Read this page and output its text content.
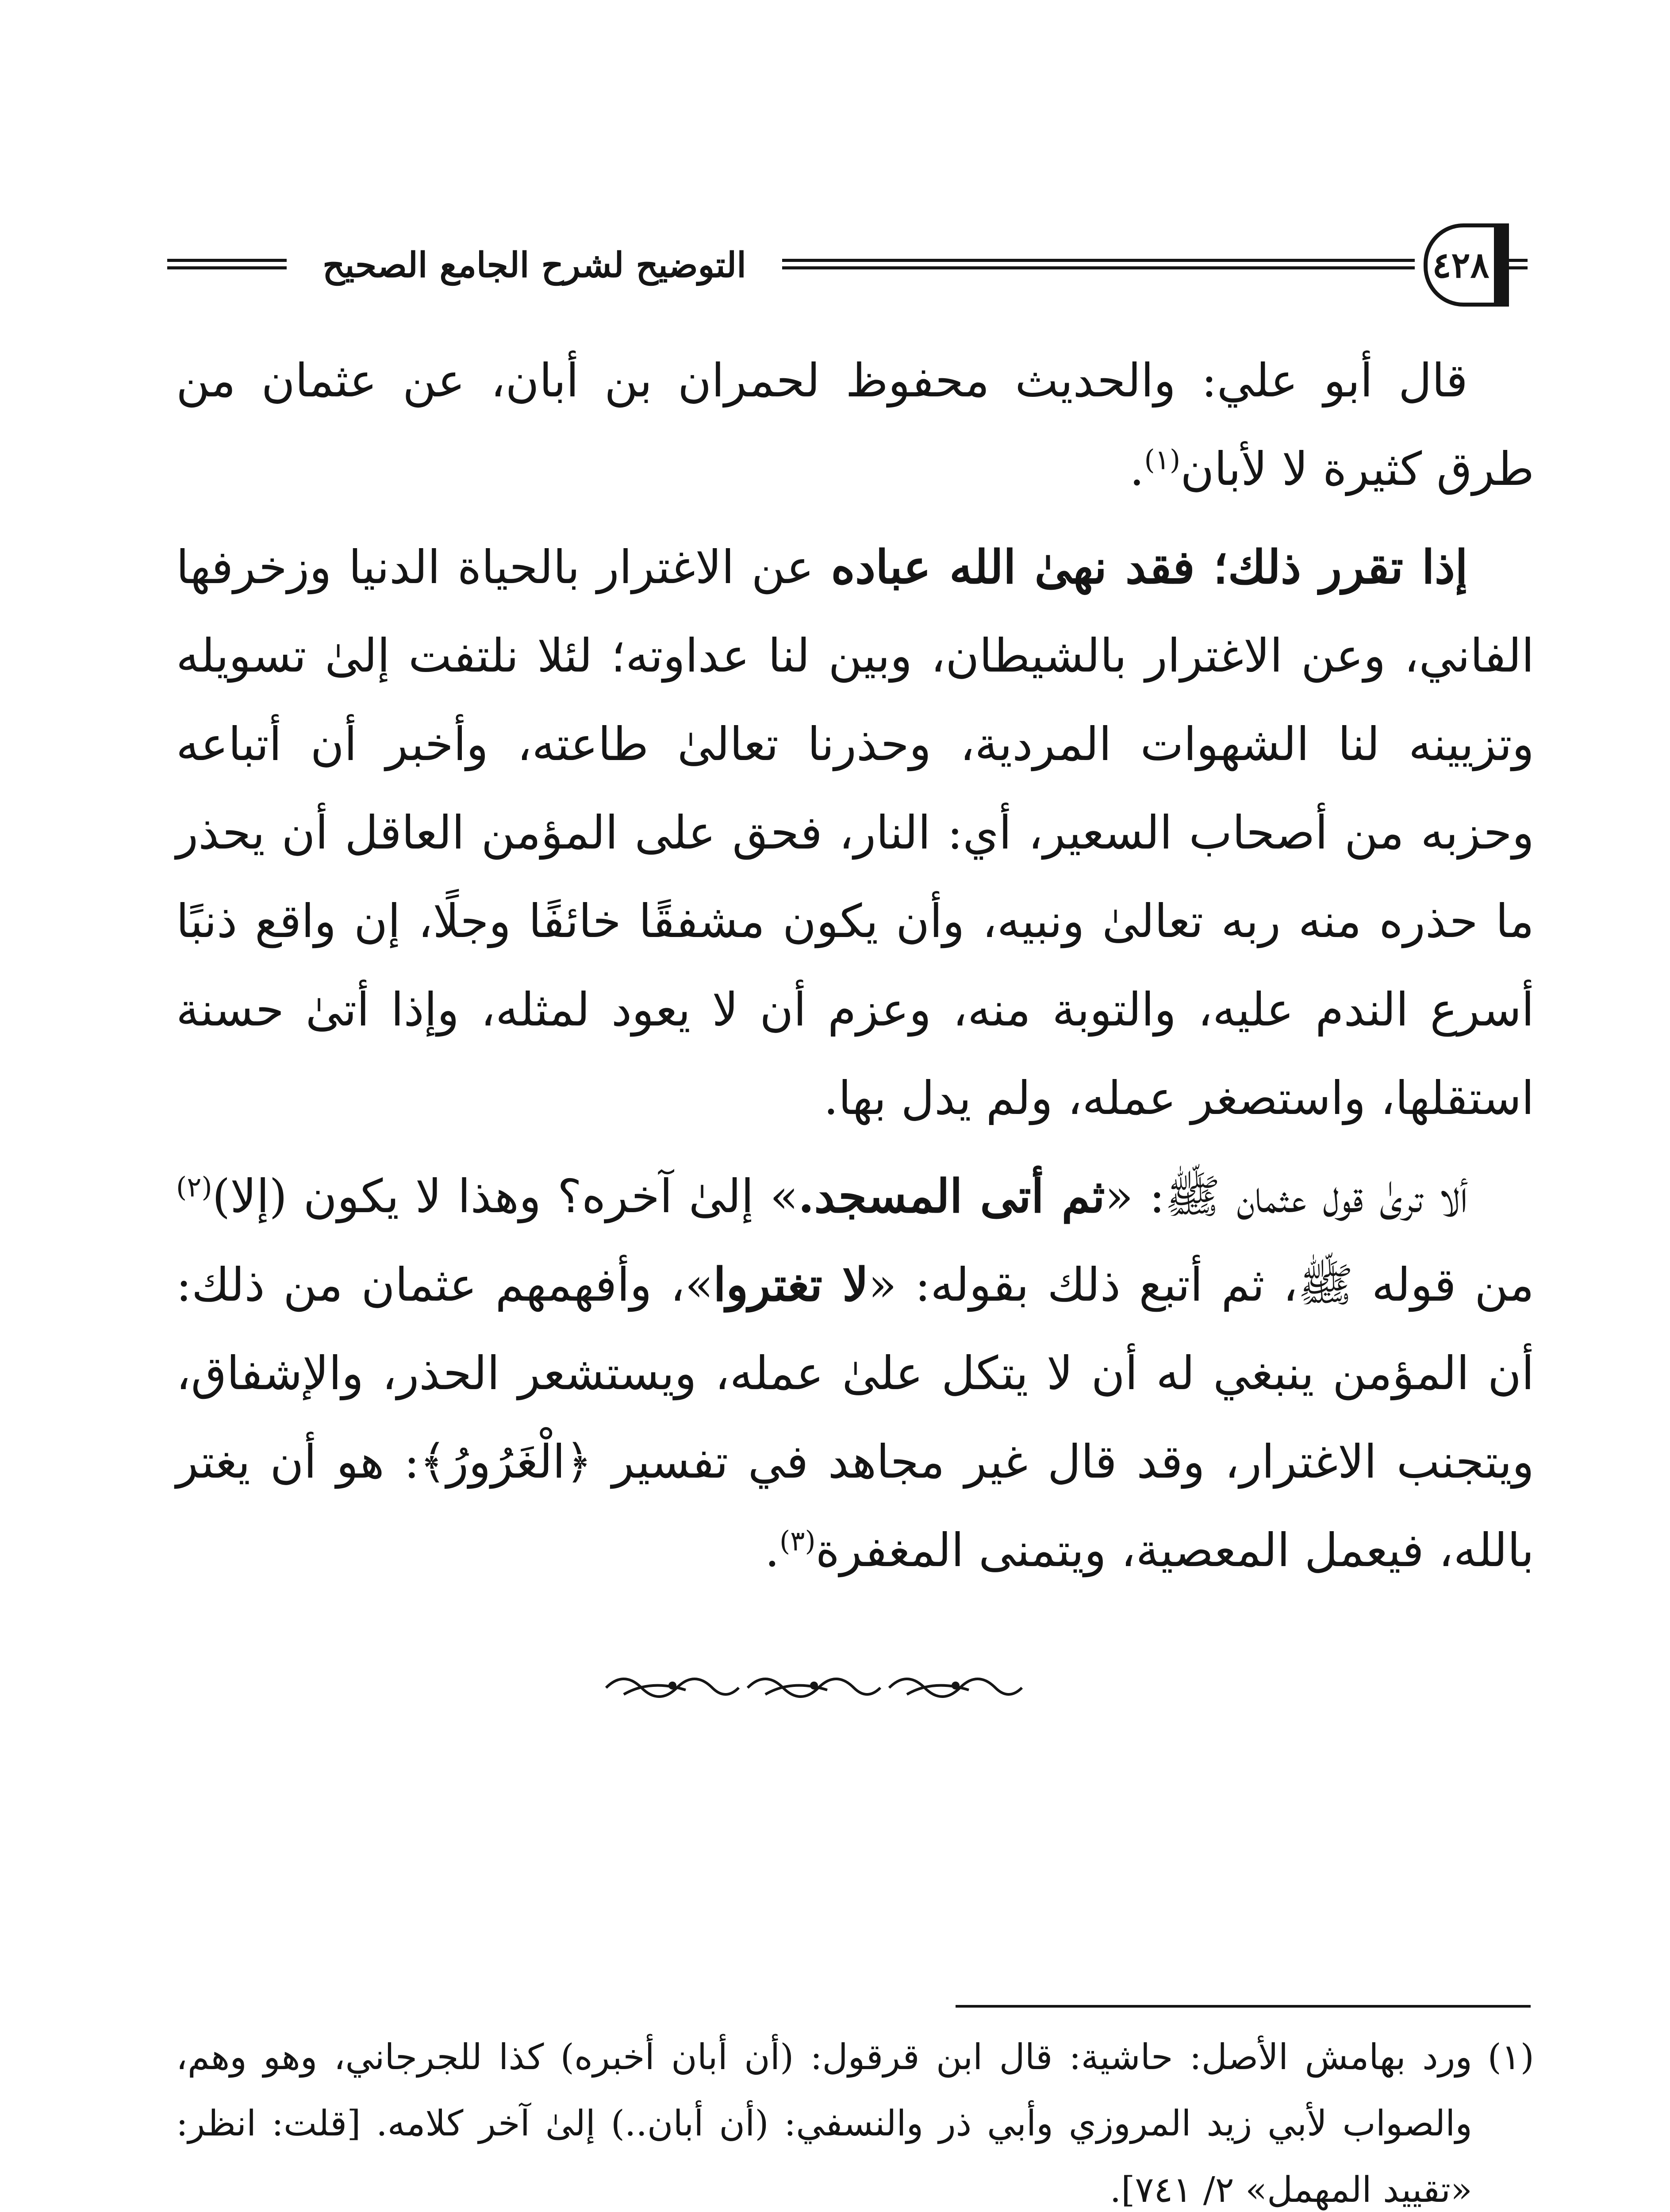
التوضيح لشرح الجامع الصحيح	٤٢٨

قال أبو علي: والحديث محفوظ لحمران بن أبان، عن عثمان من طرق كثيرة لا لأبان$^{(١)}$.

إذا تقرر ذلك؛ فقد نهىٰ الله عباده عن الاغترار بالحياة الدنيا وزخرفها الفاني، وعن الاغترار بالشيطان، وبين لنا عداوته؛ لئلا نلتفت إلىٰ تسويله وتزيينه لنا الشهوات المردية، وحذرنا تعالىٰ طاعته، وأخبر أن أتباعه وحزبه من أصحاب السعير، أي: النار، فحق على المؤمن العاقل أن يحذر ما حذره منه ربه تعالىٰ ونبيه، وأن يكون مشفقًا خائفًا وجلًا، إن واقع ذنبًا أسرع الندم عليه، والتوبة منه، وعزم أن لا يعود لمثله، وإذا أتىٰ حسنة استقلها، واستصغر عمله، ولم يدل بها.

ألا ترىٰ قول عثمان ﷺ: «ثم أتى المسجد.» إلىٰ آخره؟ وهذا لا يكون (إلا)$^{(٢)}$ من قوله ﷺ، ثم أتبع ذلك بقوله: «لا تغتروا»، وأفهمهم عثمان من ذلك: أن المؤمن ينبغي له أن لا يتكل علىٰ عمله، ويستشعر الحذر، والإشفاق، ويتجنب الاغترار، وقد قال غير مجاهد في تفسير ﴿الْغَرُورُ﴾: هو أن يغتر بالله، فيعمل المعصية، ويتمنى المغفرة$^{(٣)}$.

(١)
ورد بهامش الأصل: حاشية: قال ابن قرقول: (أن أبان أخبره) كذا للجرجاني، وهو وهم، والصواب لأبي زيد المروزي وأبي ذر والنسفي: (أن أبان..) إلىٰ آخر كلامه. [قلت: انظر: «تقييد المهمل» ٢/ ٧٤١].
